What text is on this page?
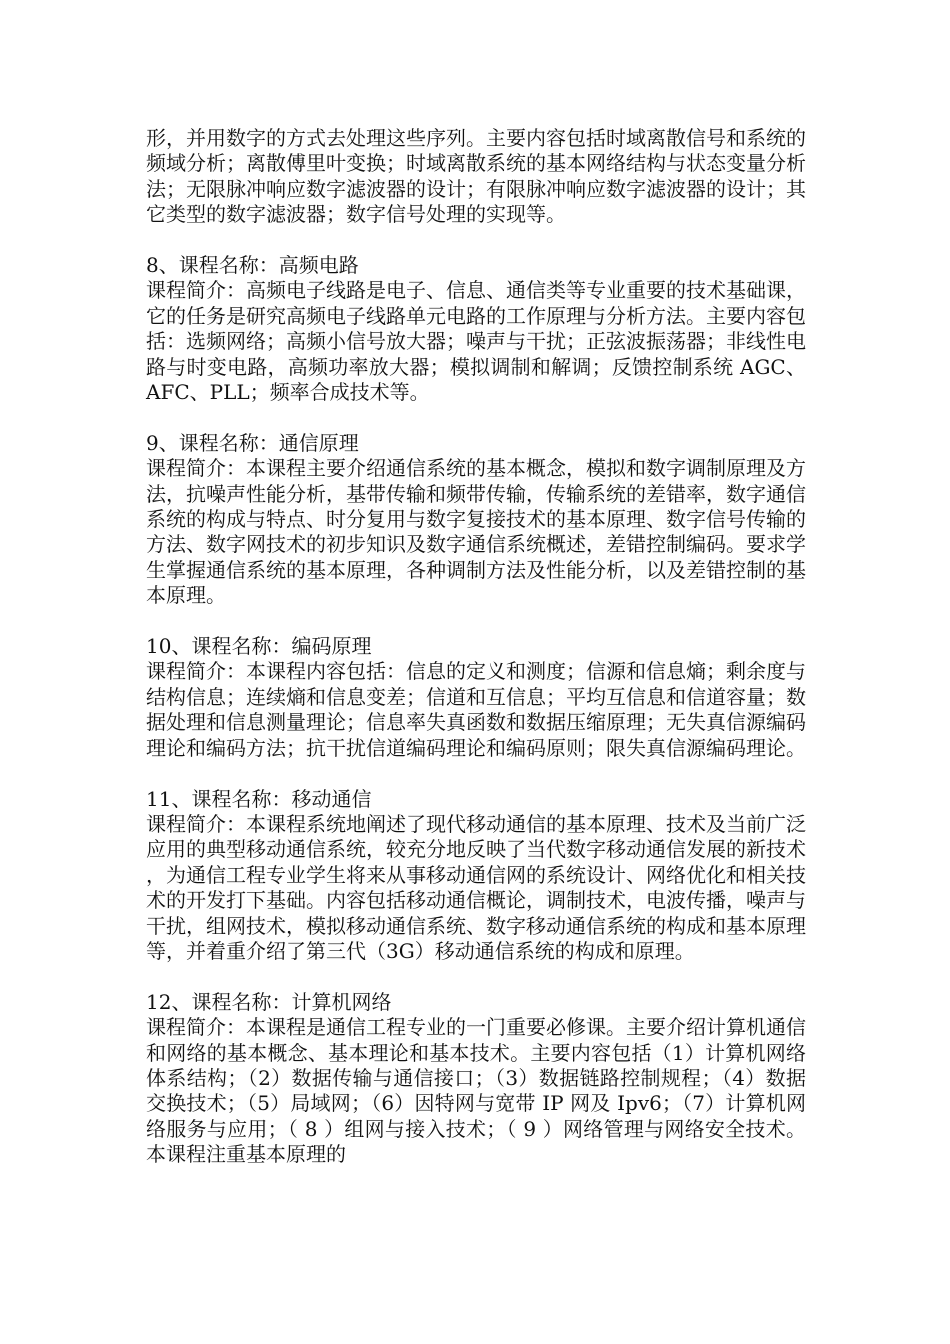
形，并用数字的方式去处理这些序列。主要内容包括时域离散信号和系统的频域分析；离散傅里叶变换；时域离散系统的基本网络结构与状态变量分析法；无限脉冲响应数字滤波器的设计；有限脉冲响应数字滤波器的设计；其它类型的数字滤波器；数字信号处理的实现等。

8、课程名称：高频电路

课程简介：高频电子线路是电子、信息、通信类等专业重要的技术基础课，它的任务是研究高频电子线路单元电路的工作原理与分析方法。主要内容包括：选频网络；高频小信号放大器；噪声与干扰；正弦波振荡器；非线性电路与时变电路，高频功率放大器；模拟调制和解调；反馈控制系统 AGC、AFC、PLL；频率合成技术等。

9、课程名称：通信原理

课程简介：本课程主要介绍通信系统的基本概念，模拟和数字调制原理及方法，抗噪声性能分析，基带传输和频带传输，传输系统的差错率，数字通信系统的构成与特点、时分复用与数字复接技术的基本原理、数字信号传输的方法、数字网技术的初步知识及数字通信系统概述，差错控制编码。要求学生掌握通信系统的基本原理，各种调制方法及性能分析，以及差错控制的基本原理。

10、课程名称：编码原理

课程简介：本课程内容包括：信息的定义和测度；信源和信息熵；剩余度与结构信息；连续熵和信息变差；信道和互信息；平均互信息和信道容量；数据处理和信息测量理论；信息率失真函数和数据压缩原理；无失真信源编码理论和编码方法；抗干扰信道编码理论和编码原则；限失真信源编码理论。

11、课程名称：移动通信

课程简介：本课程系统地阐述了现代移动通信的基本原理、技术及当前广泛应用的典型移动通信系统，较充分地反映了当代数字移动通信发展的新技术，为通信工程专业学生将来从事移动通信网的系统设计、网络优化和相关技术的开发打下基础。内容包括移动通信概论，调制技术，电波传播，噪声与干扰，组网技术，模拟移动通信系统、数字移动通信系统的构成和基本原理等，并着重介绍了第三代（3G）移动通信系统的构成和原理。

12、课程名称：计算机网络

课程简介：本课程是通信工程专业的一门重要必修课。主要介绍计算机通信和网络的基本概念、基本理论和基本技术。主要内容包括（1）计算机网络体系结构；（2）数据传输与通信接口；（3）数据链路控制规程；（4）数据交换技术；（5）局域网；（6）因特网与宽带 IP 网及 Ipv6；（7）计算机网络服务与应用；（ 8 ）组网与接入技术；（ 9 ）网络管理与网络安全技术。本课程注重基本原理的
